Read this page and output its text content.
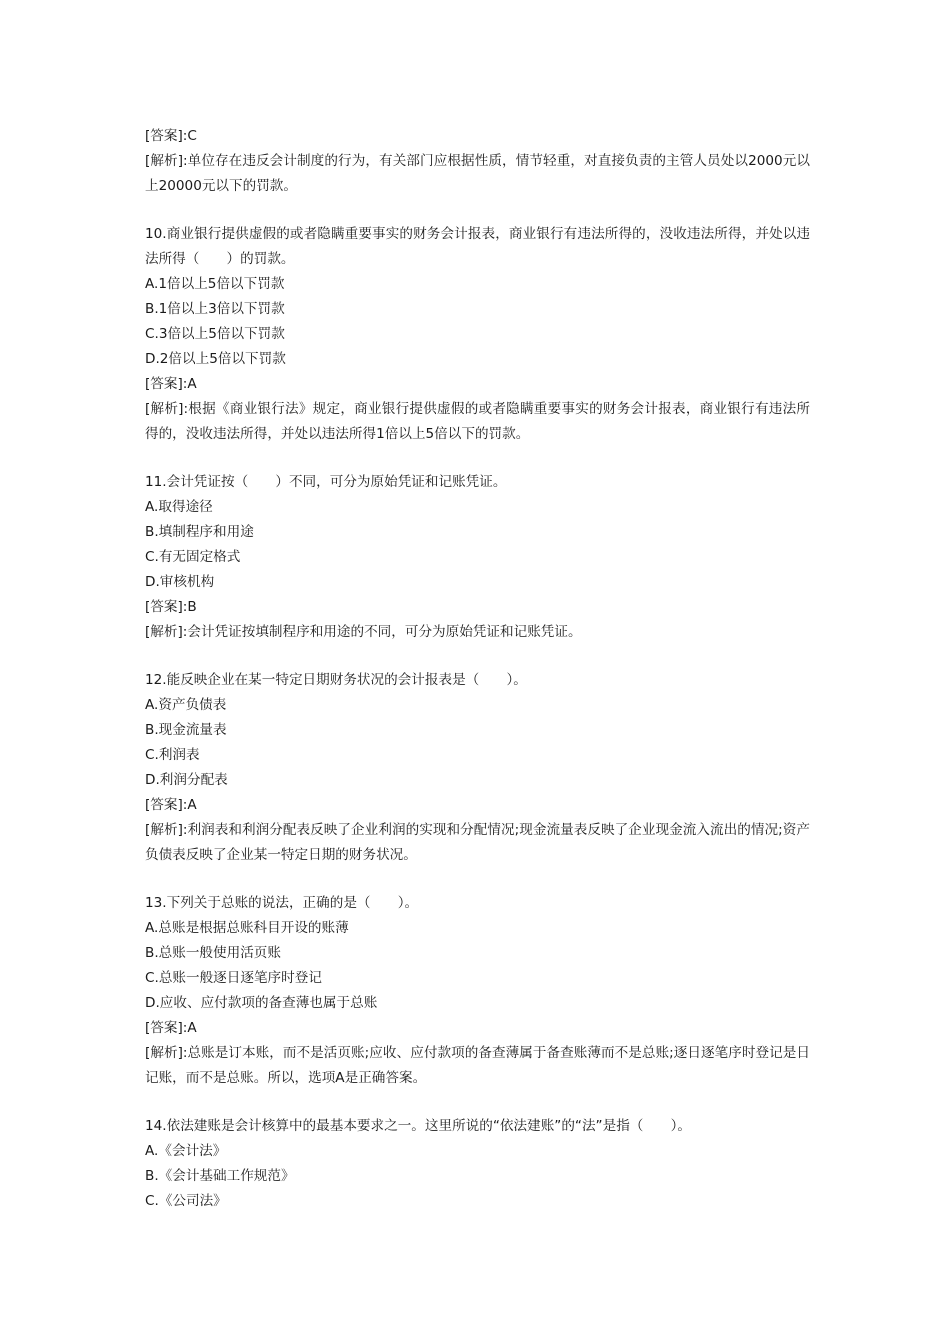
[答案]:C
[解析]:单位存在违反会计制度的行为，有关部门应根据性质，情节轻重，对直接负责的主管人员处以2000元以上20000元以下的罚款。
10.商业银行提供虚假的或者隐瞒重要事实的财务会计报表，商业银行有违法所得的，没收违法所得，并处以违法所得（　　）的罚款。
A.1倍以上5倍以下罚款
B.1倍以上3倍以下罚款
C.3倍以上5倍以下罚款
D.2倍以上5倍以下罚款
[答案]:A
[解析]:根据《商业银行法》规定，商业银行提供虚假的或者隐瞒重要事实的财务会计报表，商业银行有违法所得的，没收违法所得，并处以违法所得1倍以上5倍以下的罚款。
11.会计凭证按（　　）不同，可分为原始凭证和记账凭证。
A.取得途径
B.填制程序和用途
C.有无固定格式
D.审核机构
[答案]:B
[解析]:会计凭证按填制程序和用途的不同，可分为原始凭证和记账凭证。
12.能反映企业在某一特定日期财务状况的会计报表是（　　）。
A.资产负债表
B.现金流量表
C.利润表
D.利润分配表
[答案]:A
[解析]:利润表和利润分配表反映了企业利润的实现和分配情况;现金流量表反映了企业现金流入流出的情况;资产负债表反映了企业某一特定日期的财务状况。
13.下列关于总账的说法，正确的是（　　）。
A.总账是根据总账科目开设的账薄
B.总账一般使用活页账
C.总账一般逐日逐笔序时登记
D.应收、应付款项的备查薄也属于总账
[答案]:A
[解析]:总账是订本账，而不是活页账;应收、应付款项的备查薄属于备查账薄而不是总账;逐日逐笔序时登记是日记账，而不是总账。所以，选项A是正确答案。
14.依法建账是会计核算中的最基本要求之一。这里所说的“依法建账”的“法”是指（　　）。
A.《会计法》
B.《会计基础工作规范》
C.《公司法》
